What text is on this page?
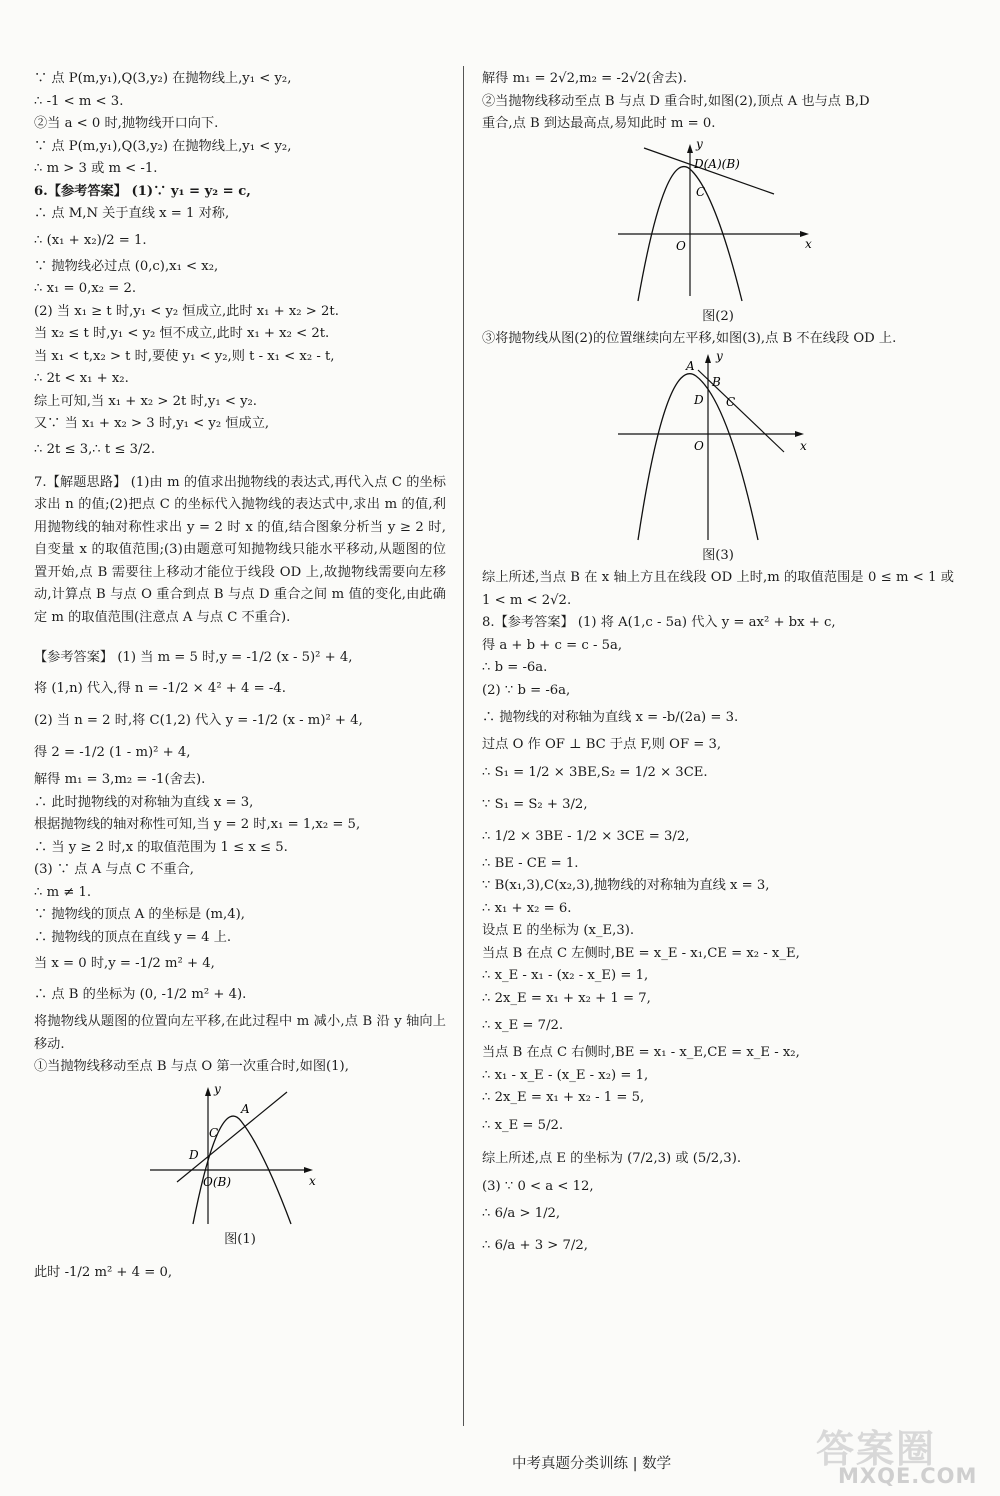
∵ 点 P(m,y₁),Q(3,y₂) 在抛物线上,y₁ < y₂,
∴ -1 < m < 3.
②当 a < 0 时,抛物线开口向下.
∵ 点 P(m,y₁),Q(3,y₂) 在抛物线上,y₁ < y₂,
∴ m > 3 或 m < -1.
6.【参考答案】 (1)∵ y₁ = y₂ = c,
∴ 点 M,N 关于直线 x = 1 对称,
∴ (x₁ + x₂)/2 = 1.
∵ 抛物线必过点 (0,c),x₁ < x₂,
∴ x₁ = 0,x₂ = 2.
(2) 当 x₁ ≥ t 时,y₁ < y₂ 恒成立,此时 x₁ + x₂ > 2t.
当 x₂ ≤ t 时,y₁ < y₂ 恒不成立,此时 x₁ + x₂ < 2t.
当 x₁ < t,x₂ > t 时,要使 y₁ < y₂,则 t - x₁ < x₂ - t,
∴ 2t < x₁ + x₂.
综上可知,当 x₁ + x₂ > 2t 时,y₁ < y₂.
又∵ 当 x₁ + x₂ > 3 时,y₁ < y₂ 恒成立,
∴ 2t ≤ 3,∴ t ≤ 3/2.
7.【解题思路】 (1)由 m 的值求出抛物线的表达式,再代入点 C 的坐标求出 n 的值;(2)把点 C 的坐标代入抛物线的表达式中,求出 m 的值,利用抛物线的轴对称性求出 y = 2 时 x 的值,结合图象分析当 y ≥ 2 时,自变量 x 的取值范围;(3)由题意可知抛物线只能水平移动,从题图的位置开始,点 B 需要往上移动才能位于线段 OD 上,故抛物线需要向左移动,计算点 B 与点 O 重合到点 B 与点 D 重合之间 m 值的变化,由此确定 m 的取值范围(注意点 A 与点 C 不重合).
【参考答案】 (1) 当 m = 5 时,y = -1/2 (x - 5)² + 4,
将 (1,n) 代入,得 n = -1/2 × 4² + 4 = -4.
(2) 当 n = 2 时,将 C(1,2) 代入 y = -1/2 (x - m)² + 4,
得 2 = -1/2 (1 - m)² + 4,
解得 m₁ = 3,m₂ = -1(舍去).
∴ 此时抛物线的对称轴为直线 x = 3,
根据抛物线的轴对称性可知,当 y = 2 时,x₁ = 1,x₂ = 5,
∴ 当 y ≥ 2 时,x 的取值范围为 1 ≤ x ≤ 5.
(3) ∵ 点 A 与点 C 不重合,
∴ m ≠ 1.
∵ 抛物线的顶点 A 的坐标是 (m,4),
∴ 抛物线的顶点在直线 y = 4 上.
当 x = 0 时,y = -1/2 m² + 4,
∴ 点 B 的坐标为 (0, -1/2 m² + 4).
将抛物线从题图的位置向左平移,在此过程中 m 减小,点 B 沿 y 轴向上移动.
①当抛物线移动至点 B 与点 O 第一次重合时,如图(1),
y
x
A
C
D
O(B)
图(1)
此时 -1/2 m² + 4 = 0,
解得 m₁ = 2√2,m₂ = -2√2(舍去).
②当抛物线移动至点 B 与点 D 重合时,如图(2),顶点 A 也与点 B,D
重合,点 B 到达最高点,易知此时 m = 0.
y
x
D(A)(B)
C
O
图(2)
③将抛物线从图(2)的位置继续向左平移,如图(3),点 B 不在线段 OD 上.
y
x
A
B
C
D
O
图(3)
综上所述,当点 B 在 x 轴上方且在线段 OD 上时,m 的取值范围是 0 ≤ m < 1 或 1 < m < 2√2.
8.【参考答案】 (1) 将 A(1,c - 5a) 代入 y = ax² + bx + c,
得 a + b + c = c - 5a,
∴ b = -6a.
(2) ∵ b = -6a,
∴ 抛物线的对称轴为直线 x = -b/(2a) = 3.
过点 O 作 OF ⊥ BC 于点 F,则 OF = 3,
∴ S₁ = 1/2 × 3BE,S₂ = 1/2 × 3CE.
∵ S₁ = S₂ + 3/2,
∴ 1/2 × 3BE - 1/2 × 3CE = 3/2,
∴ BE - CE = 1.
∵ B(x₁,3),C(x₂,3),抛物线的对称轴为直线 x = 3,
∴ x₁ + x₂ = 6.
设点 E 的坐标为 (x_E,3).
当点 B 在点 C 左侧时,BE = x_E - x₁,CE = x₂ - x_E,
∴ x_E - x₁ - (x₂ - x_E) = 1,
∴ 2x_E = x₁ + x₂ + 1 = 7,
∴ x_E = 7/2.
当点 B 在点 C 右侧时,BE = x₁ - x_E,CE = x_E - x₂,
∴ x₁ - x_E - (x_E - x₂) = 1,
∴ 2x_E = x₁ + x₂ - 1 = 5,
∴ x_E = 5/2.
综上所述,点 E 的坐标为 (7/2,3) 或 (5/2,3).
(3) ∵ 0 < a < 12,
∴ 6/a > 1/2,
∴ 6/a + 3 > 7/2,
中考真题分类训练 | 数学	答案圈
MXQE.COM
